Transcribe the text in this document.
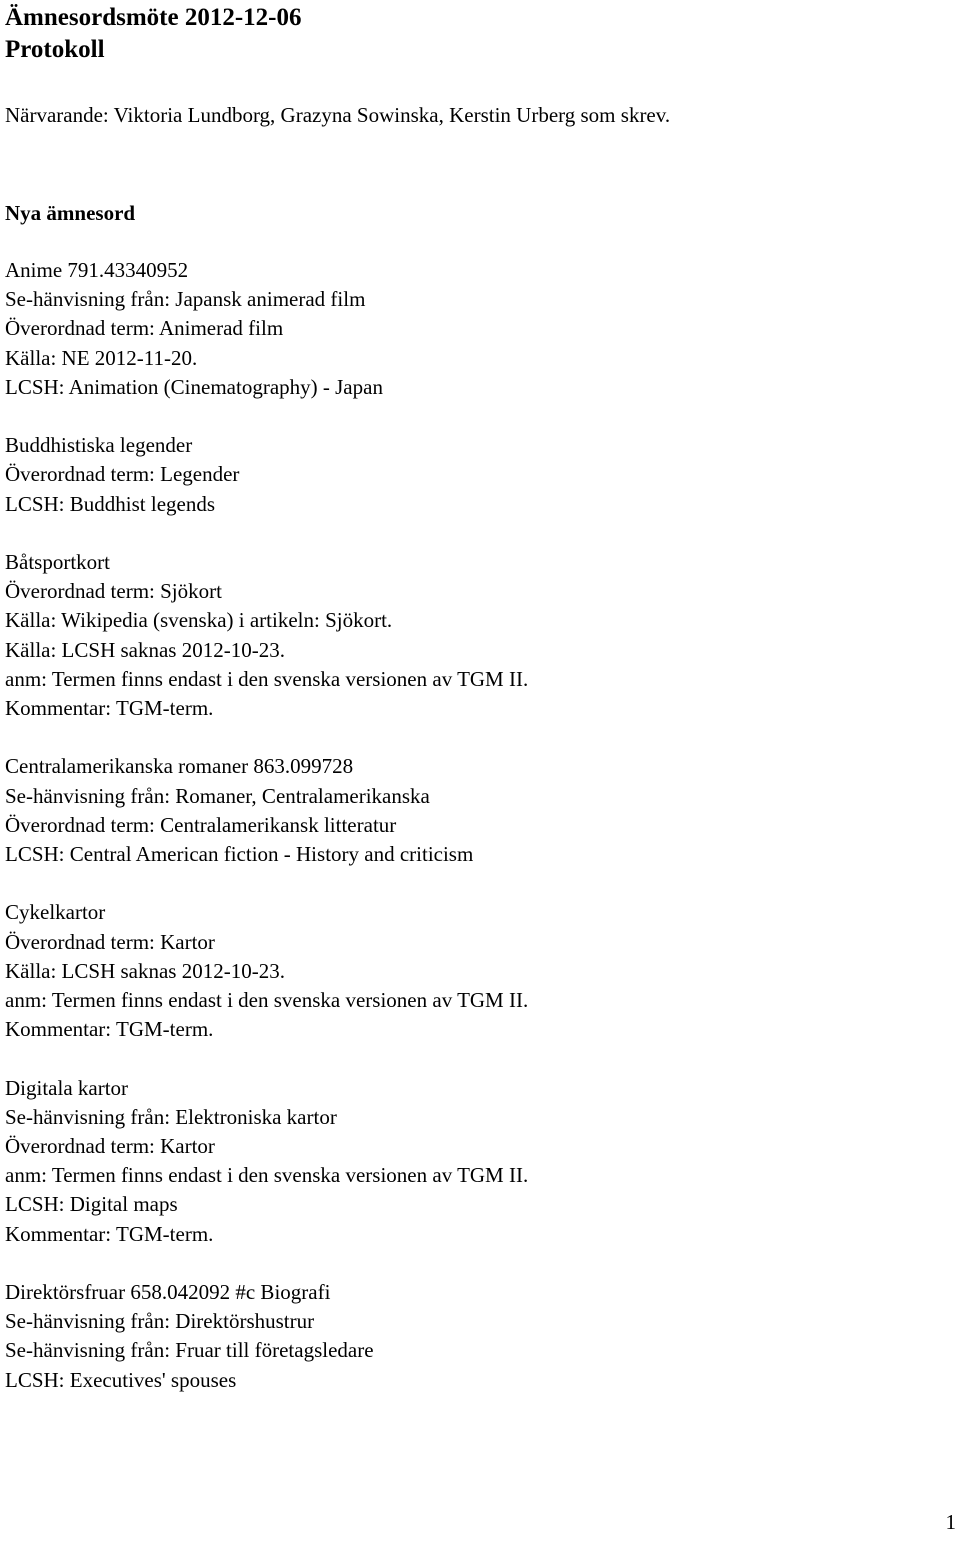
Ämnesordsmöte 2012-12-06
Protokoll

Närvarande: Viktoria Lundborg, Grazyna Sowinska, Kerstin Urberg som skrev.

Nya ämnesord
Anime 791.43340952
Se-hänvisning från: Japansk animerad film
Överordnad term: Animerad film
Källa: NE 2012-11-20.
LCSH: Animation (Cinematography) - Japan
Buddhistiska legender
Överordnad term: Legender
LCSH: Buddhist legends
Båtsportkort
Överordnad term: Sjökort
Källa: Wikipedia (svenska) i artikeln: Sjökort.
Källa: LCSH saknas 2012-10-23.
anm: Termen finns endast i den svenska versionen av TGM II.
Kommentar: TGM-term.
Centralamerikanska romaner 863.099728
Se-hänvisning från: Romaner, Centralamerikanska
Överordnad term: Centralamerikansk litteratur
LCSH: Central American fiction - History and criticism
Cykelkartor
Överordnad term: Kartor
Källa: LCSH saknas 2012-10-23.
anm: Termen finns endast i den svenska versionen av TGM II.
Kommentar: TGM-term.
Digitala kartor
Se-hänvisning från: Elektroniska kartor
Överordnad term: Kartor
anm: Termen finns endast i den svenska versionen av TGM II.
LCSH: Digital maps
Kommentar: TGM-term.
Direktörsfruar 658.042092 #c Biografi
Se-hänvisning från: Direktörshustrur
Se-hänvisning från: Fruar till företagsledare
LCSH: Executives' spouses
1
